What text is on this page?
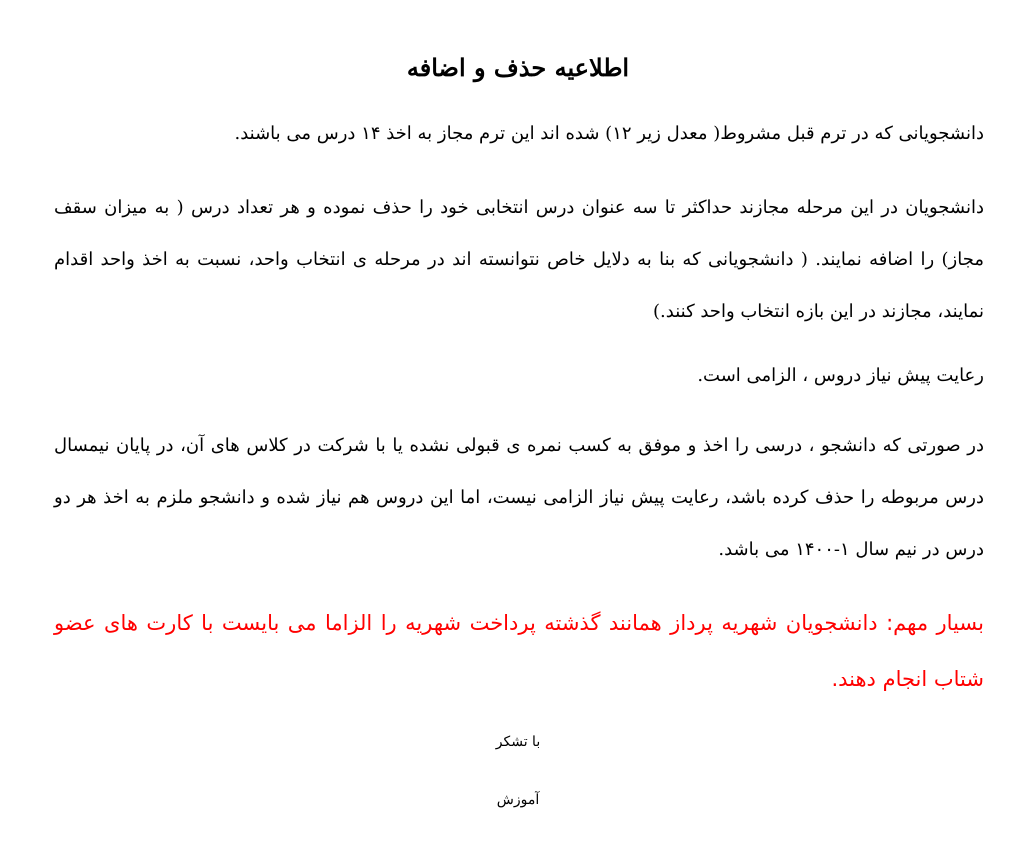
اطلاعیه حذف و اضافه
دانشجویانی که در ترم قبل مشروط( معدل زیر ۱۲) شده اند این ترم مجاز به اخذ ۱۴ درس می باشند.
دانشجویان در این مرحله مجازند حداکثر تا سه عنوان درس انتخابی خود را حذف نموده و هر تعداد درس ( به میزان سقف مجاز) را اضافه نمایند. ( دانشجویانی که بنا به دلایل خاص نتوانسته اند در مرحله ی انتخاب واحد، نسبت به اخذ واحد اقدام نمایند، مجازند در این بازه انتخاب واحد کنند.)
رعایت پیش نیاز دروس ، الزامی است.
در صورتی که دانشجو ، درسی را اخذ و موفق به کسب نمره ی قبولی نشده یا با شرکت در کلاس های آن، در پایان نیمسال درس مربوطه را حذف کرده باشد، رعایت پیش نیاز الزامی نیست، اما این دروس هم نیاز شده و دانشجو ملزم به اخذ هر دو درس در نیم سال ۱-۱۴۰۰ می باشد.
بسیار مهم: دانشجویان شهریه پرداز همانند گذشته پرداخت شهریه را الزاما می بایست با کارت های عضو شتاب انجام دهند.
با تشکر
آموزش
